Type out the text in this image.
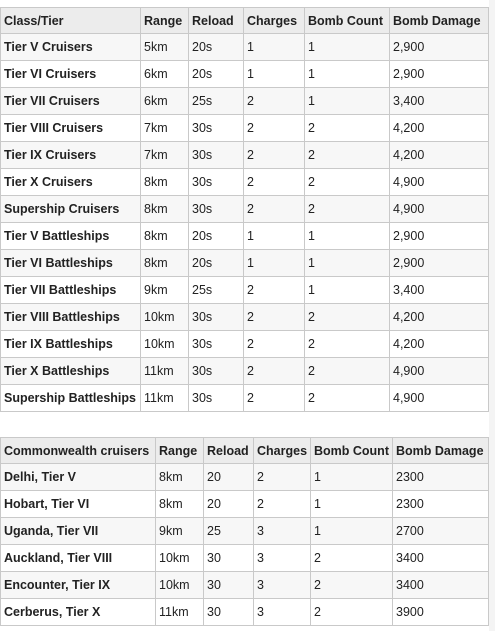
Class/Tier	Range	Reload	Charges	Bomb Count	Bomb Damage
Tier V Cruisers	5km	20s	1	1	2,900
Tier VI Cruisers	6km	20s	1	1	2,900
Tier VII Cruisers	6km	25s	2	1	3,400
Tier VIII Cruisers	7km	30s	2	2	4,200
Tier IX Cruisers	7km	30s	2	2	4,200
Tier X Cruisers	8km	30s	2	2	4,900
Supership Cruisers	8km	30s	2	2	4,900
Tier V Battleships	8km	20s	1	1	2,900
Tier VI Battleships	8km	20s	1	1	2,900
Tier VII Battleships	9km	25s	2	1	3,400
Tier VIII Battleships	10km	30s	2	2	4,200
Tier IX Battleships	10km	30s	2	2	4,200
Tier X Battleships	11km	30s	2	2	4,900
Supership Battleships	11km	30s	2	2	4,900
Commonwealth cruisers	Range	Reload	Charges	Bomb Count	Bomb Damage
Delhi, Tier V	8km	20	2	1	2300
Hobart, Tier VI	8km	20	2	1	2300
Uganda, Tier VII	9km	25	3	1	2700
Auckland, Tier VIII	10km	30	3	2	3400
Encounter, Tier IX	10km	30	3	2	3400
Cerberus, Tier X	11km	30	3	2	3900
